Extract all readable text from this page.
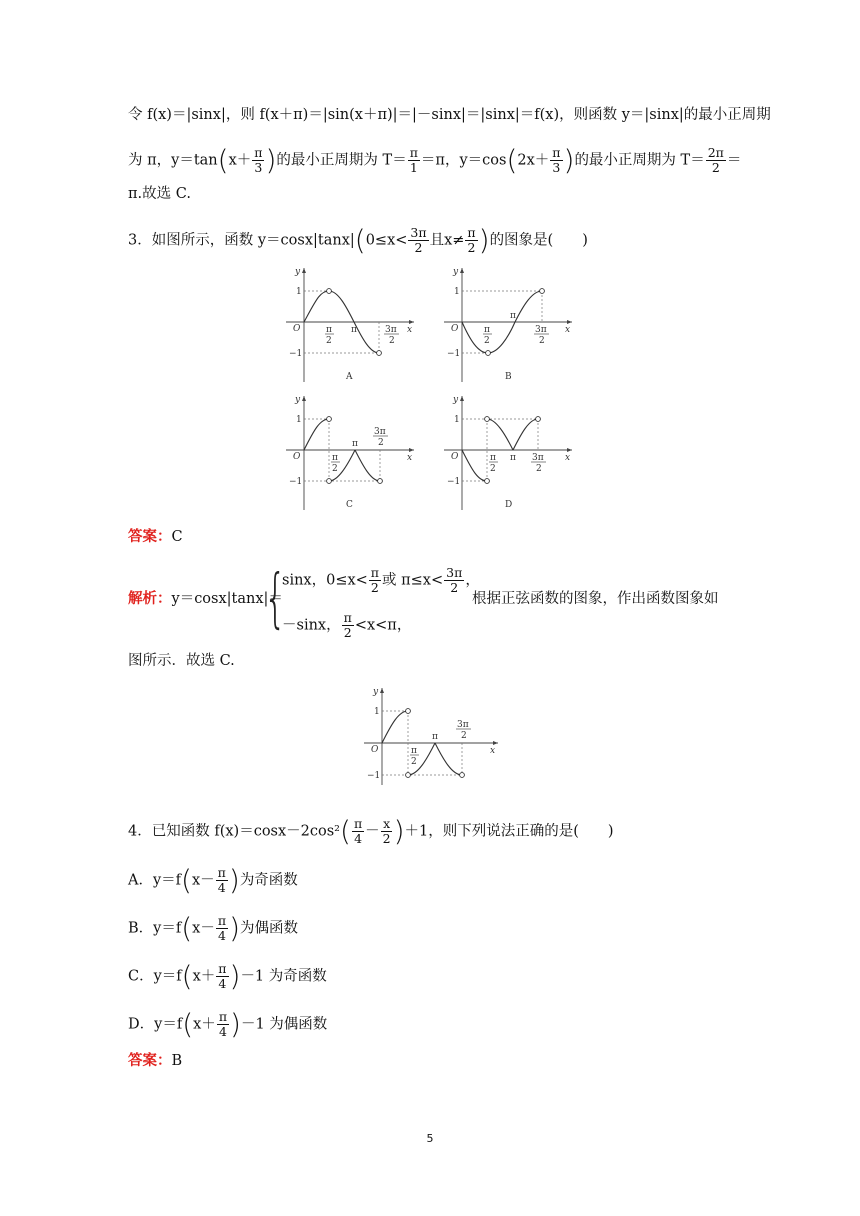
令 f(x)＝|sinx|，则 f(x＋π)＝|sin(x＋π)|＝|－sinx|＝|sinx|＝f(x)，则函数 y＝|sinx|的最小正周期
为 π，$y=\tan(x+ \frac{\pi}{3}$ )的最小正周期为 $T= \frac{\pi}{1} =\pi$，$y=\cos(2x+ \frac{\pi}{3}$ )的最小正周期为 $T= \frac{2\pi}{2}$ ＝
π.故选 C.
3．如图所示，函数 $y=\cos x|\tan x|(0\le x< \frac{3\pi}{2}$ 且$x\ne \frac{\pi}{2}$ )的图象是(　　)
y
x
O
1
−1
π
2
π	3π
2
A
y
x
O
1
−1
π
2
π
3π
2
B
y
x
O
1
−1
π
2
π
3π
2
C
y
x
O
1
−1
π
2
π 3π
2
D
答案：C
解析：y＝cosx|tanx|＝
{
sinx，$0\le x< \frac{\pi}{2}$ 或 $\pi\le x< \frac{3\pi}{2}$ ，
－sinx， $\frac{\pi}{2} <x<\pi$，
根据正弦函数的图象，作出函数图象如
图所示．故选 C.
y
x
O
1
−1
π
2
π
3π
2
4．已知函数 $f(x)=\cos x-2\cos^2( \frac{\pi}{4} - \frac{x}{2} )+1$，则下列说法正确的是(　　)
A．$y=f(x- \frac{\pi}{4}$ )为奇函数
B．$y=f(x- \frac{\pi}{4}$ )为偶函数
C．$y=f(x+ \frac{\pi}{4} )-1$ 为奇函数
D．$y=f(x+ \frac{\pi}{4} )-1$ 为偶函数
答案：B
5
